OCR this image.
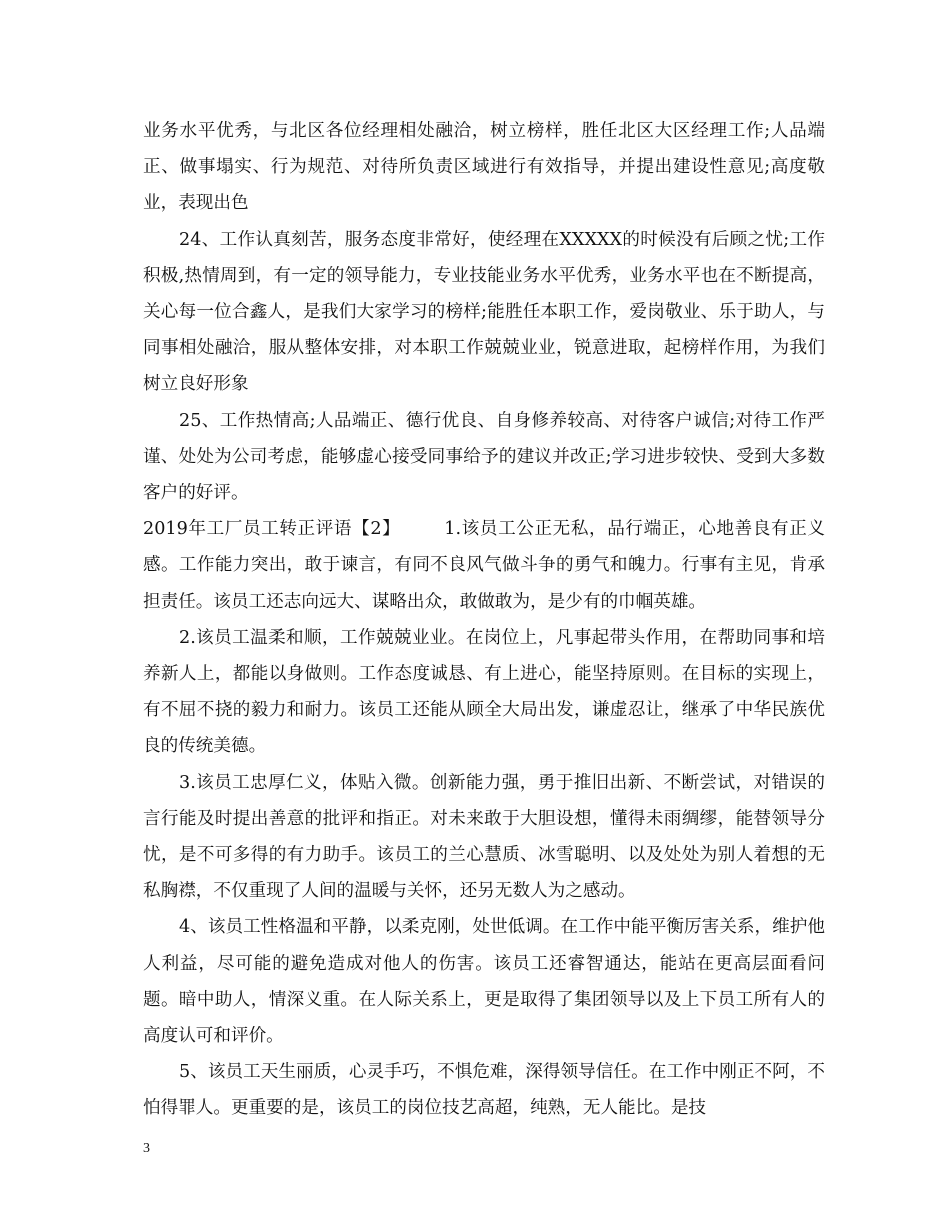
业务水平优秀，与北区各位经理相处融洽，树立榜样，胜任北区大区经理工作;人品端正、做事塌实、行为规范、对待所负责区域进行有效指导，并提出建设性意见;高度敬业，表现出色

24、工作认真刻苦，服务态度非常好，使经理在XXXXX的时候没有后顾之忧;工作积极,热情周到，有一定的领导能力，专业技能业务水平优秀，业务水平也在不断提高，关心每一位合鑫人，是我们大家学习的榜样;能胜任本职工作，爱岗敬业、乐于助人，与同事相处融洽，服从整体安排，对本职工作兢兢业业，锐意进取，起榜样作用，为我们树立良好形象

25、工作热情高;人品端正、德行优良、自身修养较高、对待客户诚信;对待工作严谨、处处为公司考虑，能够虚心接受同事给予的建议并改正;学习进步较快、受到大多数客户的好评。

2019年工厂员工转正评语【2】    1.该员工公正无私，品行端正，心地善良有正义感。工作能力突出，敢于谏言，有同不良风气做斗争的勇气和魄力。行事有主见，肯承担责任。该员工还志向远大、谋略出众，敢做敢为，是少有的巾帼英雄。

2.该员工温柔和顺，工作兢兢业业。在岗位上，凡事起带头作用，在帮助同事和培养新人上，都能以身做则。工作态度诚恳、有上进心，能坚持原则。在目标的实现上，有不屈不挠的毅力和耐力。该员工还能从顾全大局出发，谦虚忍让，继承了中华民族优良的传统美德。

3.该员工忠厚仁义，体贴入微。创新能力强，勇于推旧出新、不断尝试，对错误的言行能及时提出善意的批评和指正。对未来敢于大胆设想，懂得未雨绸缪，能替领导分忧，是不可多得的有力助手。该员工的兰心慧质、冰雪聪明、以及处处为别人着想的无私胸襟，不仅重现了人间的温暖与关怀，还另无数人为之感动。

4、该员工性格温和平静，以柔克刚，处世低调。在工作中能平衡厉害关系，维护他人利益，尽可能的避免造成对他人的伤害。该员工还睿智通达，能站在更高层面看问题。暗中助人，情深义重。在人际关系上，更是取得了集团领导以及上下员工所有人的高度认可和评价。

5、该员工天生丽质，心灵手巧，不惧危难，深得领导信任。在工作中刚正不阿，不怕得罪人。更重要的是，该员工的岗位技艺高超，纯熟，无人能比。是技

3
